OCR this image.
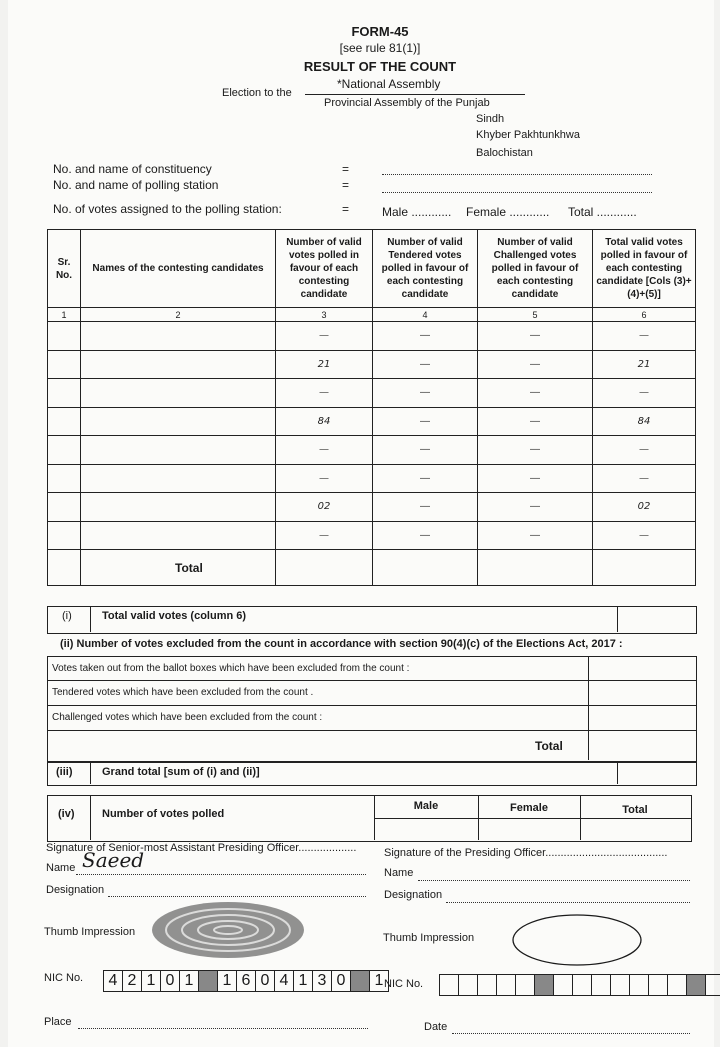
FORM-45
[see rule 81(1)]
RESULT OF THE COUNT
Election to the
*National Assembly
Provincial Assembly of the Punjab
Sindh
Khyber Pakhtunkhwa
Balochistan
No. and name of constituency	=
No. and name of polling station	=
No. of votes assigned to the polling station:	=	Male ............ Female ............ Total ............
Sr. No.	Names of the contesting candidates	Number of valid votes polled in favour of each contesting candidate	Number of valid Tendered votes polled in favour of each contesting candidate	Number of valid Challenged votes polled in favour of each contesting candidate	Total valid votes polled in favour of each contesting candidate [Cols (3)+(4)+(5)]
1	2	3	4	5	6
		—	—	—	—
		21	—	—	21
		—	—	—	—
		84	—	—	84
		—	—	—	—
		—	—	—	—
		02	—	—	02
		—	—	—	—
	Total				
(i)	Total valid votes (column 6)
(ii) Number of votes excluded from the count in accordance with section 90(4)(c) of the Elections Act, 2017 :
Votes taken out from the ballot boxes which have been excluded from the count :
Tendered votes which have been excluded from the count .
Challenged votes which have been excluded from the count :
Total
(iii)	Grand total [sum of (i) and (ii)]
(iv)	Number of votes polled
Male	Female	Total
Signature of Senior-most Assistant Presiding Officer...................
Name Saeed
Designation
Thumb Impression
NIC No.	4 2 1 0 1	1 6 0 4 1 3 0	1
Place
Signature of the Presiding Officer........................................
Name
Designation
Thumb Impression
NIC No.
Date
